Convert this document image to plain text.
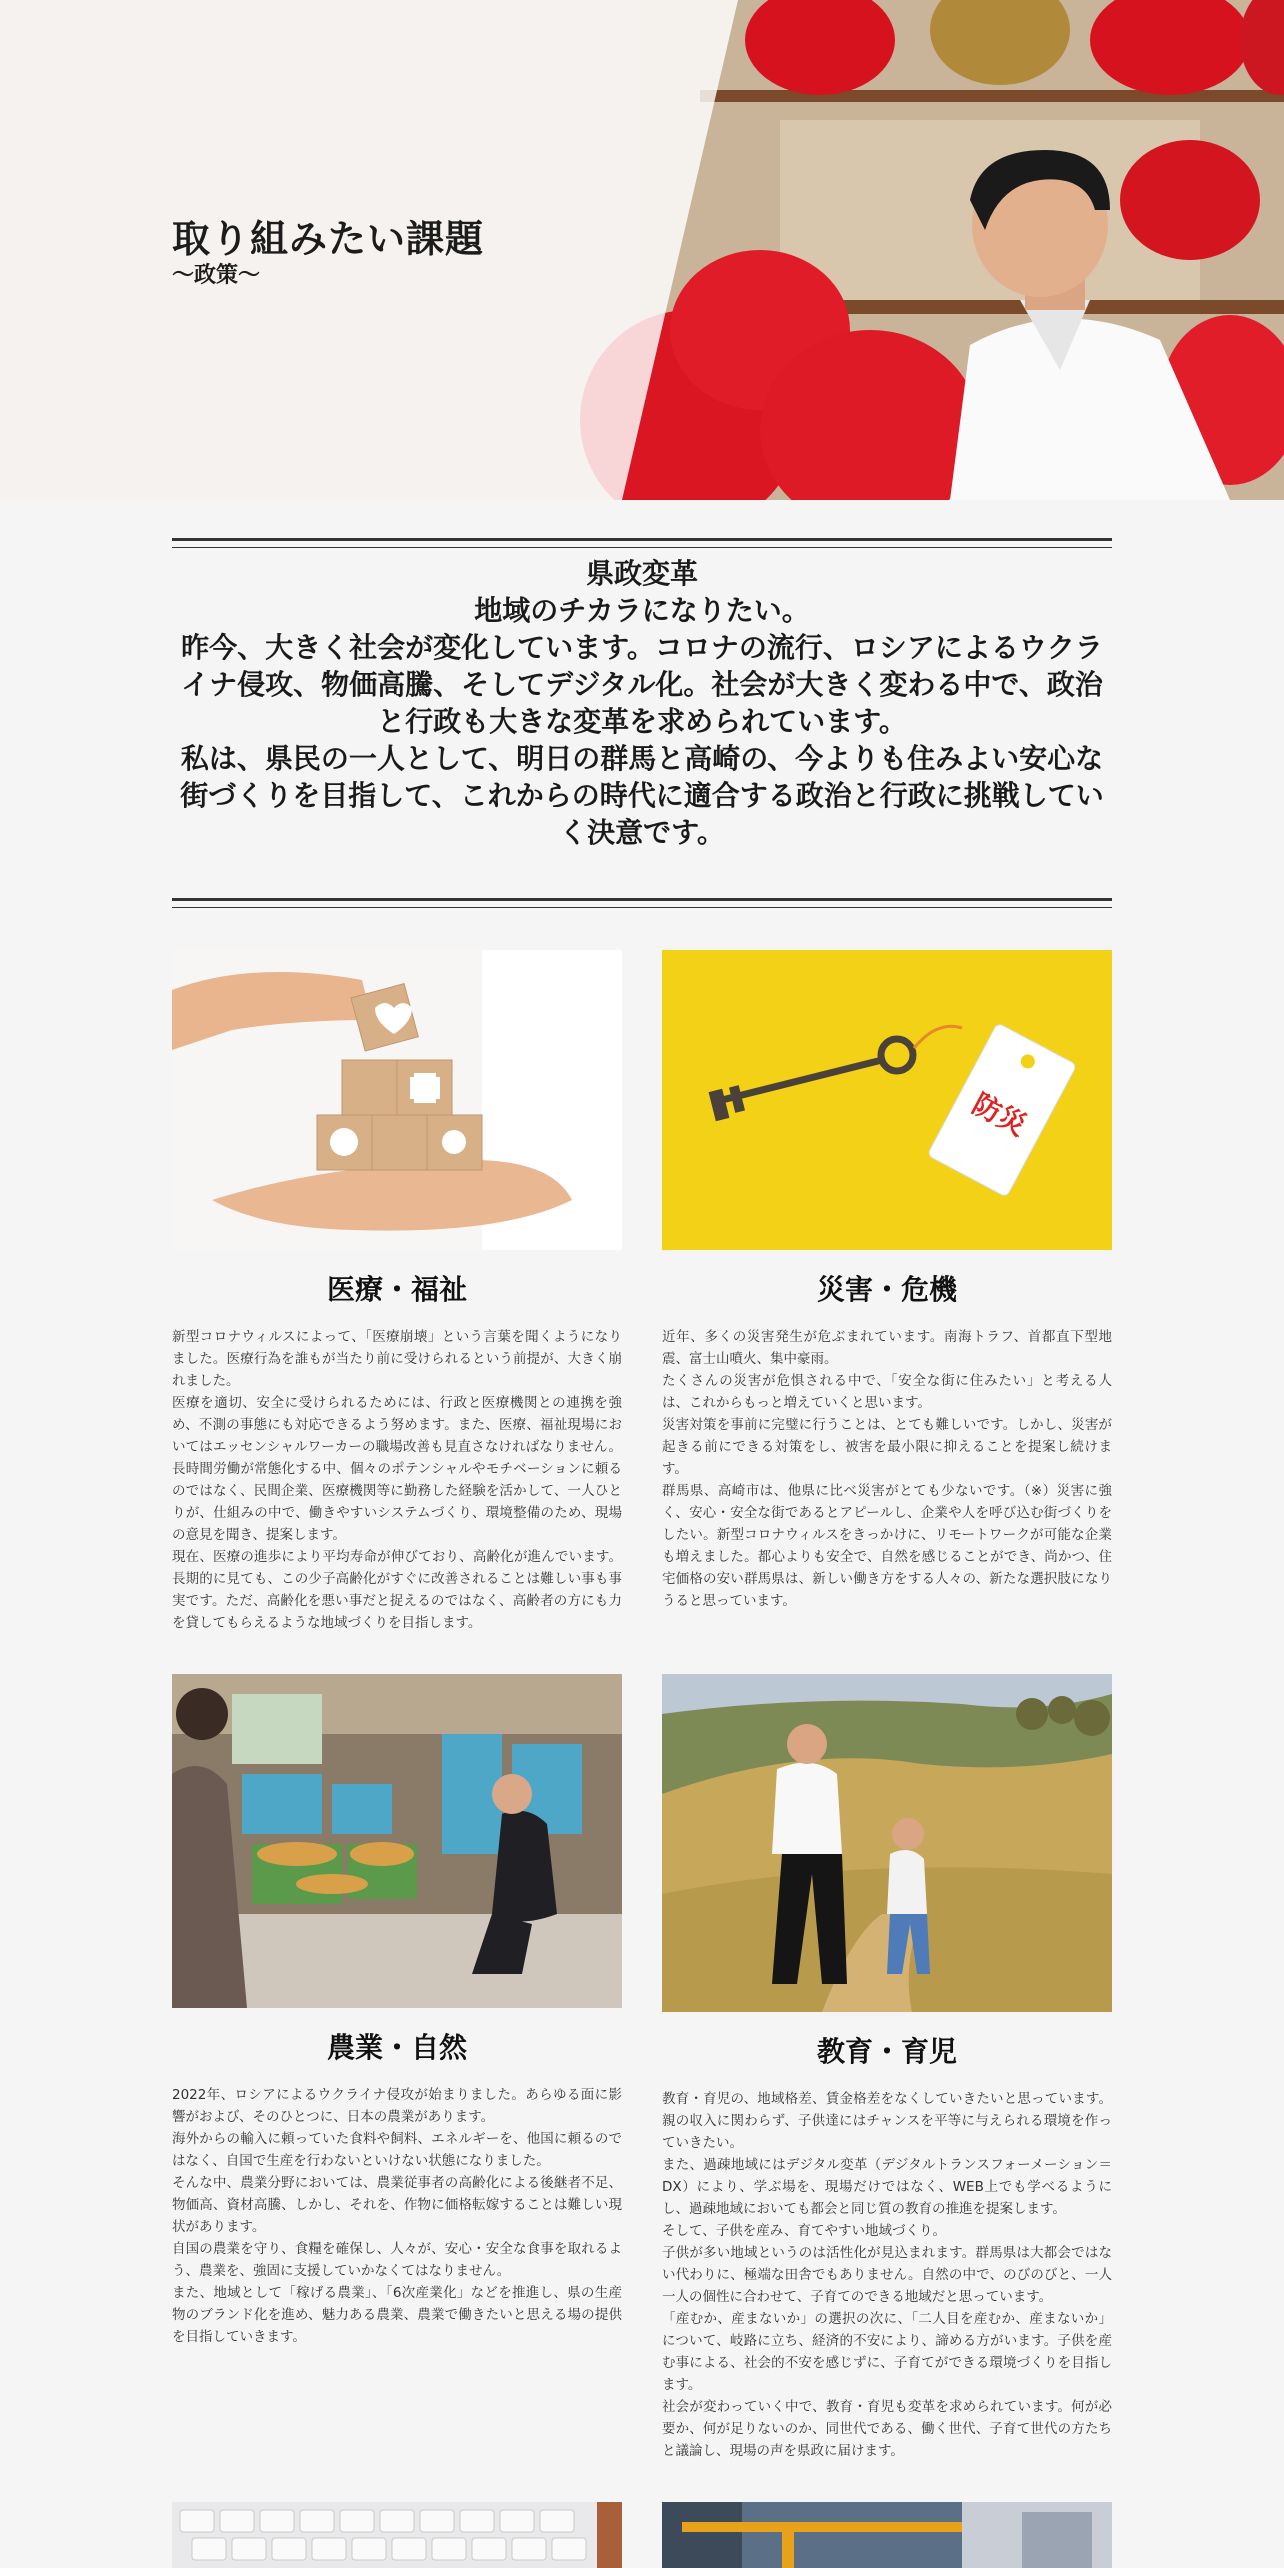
取り組みたい課題
～政策～

県政変革

地域のチカラになりたい。

昨今、大きく社会が変化しています。コロナの流行、ロシアによるウクライナ侵攻、物価高騰、そしてデジタル化。社会が大きく変わる中で、政治と行政も大きな変革を求められています。

私は、県民の一人として、明日の群馬と高崎の、今よりも住みよい安心な街づくりを目指して、これからの時代に適合する政治と行政に挑戦していく決意です。

医療・福祉

新型コロナウィルスによって、「医療崩壊」という言葉を聞くようになりました。医療行為を誰もが当たり前に受けられるという前提が、大きく崩れました。

医療を適切、安全に受けられるためには、行政と医療機関との連携を強め、不測の事態にも対応できるよう努めます。また、医療、福祉現場においてはエッセンシャルワーカーの職場改善も見直さなければなりません。長時間労働が常態化する中、個々のポテンシャルやモチベーションに頼るのではなく、民間企業、医療機関等に勤務した経験を活かして、一人ひとりが、仕組みの中で、働きやすいシステムづくり、環境整備のため、現場の意見を聞き、提案します。

現在、医療の進歩により平均寿命が伸びており、高齢化が進んでいます。長期的に見ても、この少子高齢化がすぐに改善されることは難しい事も事実です。ただ、高齢化を悪い事だと捉えるのではなく、高齢者の方にも力を貸してもらえるような地域づくりを目指します。

防災
災害・危機

近年、多くの災害発生が危ぶまれています。南海トラフ、首都直下型地震、富士山噴火、集中豪雨。

たくさんの災害が危惧される中で、「安全な街に住みたい」と考える人は、これからもっと増えていくと思います。

災害対策を事前に完璧に行うことは、とても難しいです。しかし、災害が起きる前にできる対策をし、被害を最小限に抑えることを提案し続けます。

群馬県、高崎市は、他県に比べ災害がとても少ないです。（※）災害に強く、安心・安全な街であるとアピールし、企業や人を呼び込む街づくりをしたい。新型コロナウィルスをきっかけに、リモートワークが可能な企業も増えました。都心よりも安全で、自然を感じることができ、尚かつ、住宅価格の安い群馬県は、新しい働き方をする人々の、新たな選択肢になりうると思っています。

農業・自然

2022年、ロシアによるウクライナ侵攻が始まりました。あらゆる面に影響がおよび、そのひとつに、日本の農業があります。

海外からの輸入に頼っていた食料や飼料、エネルギーを、他国に頼るのではなく、自国で生産を行わないといけない状態になりました。

そんな中、農業分野においては、農業従事者の高齢化による後継者不足、物価高、資材高騰、しかし、それを、作物に価格転嫁することは難しい現状があります。

自国の農業を守り、食糧を確保し、人々が、安心・安全な食事を取れるよう、農業を、強固に支援していかなくてはなりません。

また、地域として「稼げる農業」、「6次産業化」などを推進し、県の生産物のブランド化を進め、魅力ある農業、農業で働きたいと思える場の提供を目指していきます。

教育・育児

教育・育児の、地域格差、賃金格差をなくしていきたいと思っています。親の収入に関わらず、子供達にはチャンスを平等に与えられる環境を作っていきたい。

また、過疎地域にはデジタル変革（デジタルトランスフォーメーション＝DX）により、学ぶ場を、現場だけではなく、WEB上でも学べるようにし、過疎地域においても都会と同じ質の教育の推進を提案します。

そして、子供を産み、育てやすい地域づくり。

子供が多い地域というのは活性化が見込まれます。群馬県は大都会ではない代わりに、極端な田舎でもありません。自然の中で、のびのびと、一人一人の個性に合わせて、子育てのできる地域だと思っています。

「産むか、産まないか」の選択の次に、「二人目を産むか、産まないか」について、岐路に立ち、経済的不安により、諦める方がいます。子供を産む事による、社会的不安を感じずに、子育てができる環境づくりを目指します。

社会が変わっていく中で、教育・育児も変革を求められています。何が必要か、何が足りないのか、同世代である、働く世代、子育て世代の方たちと議論し、現場の声を県政に届けます。
